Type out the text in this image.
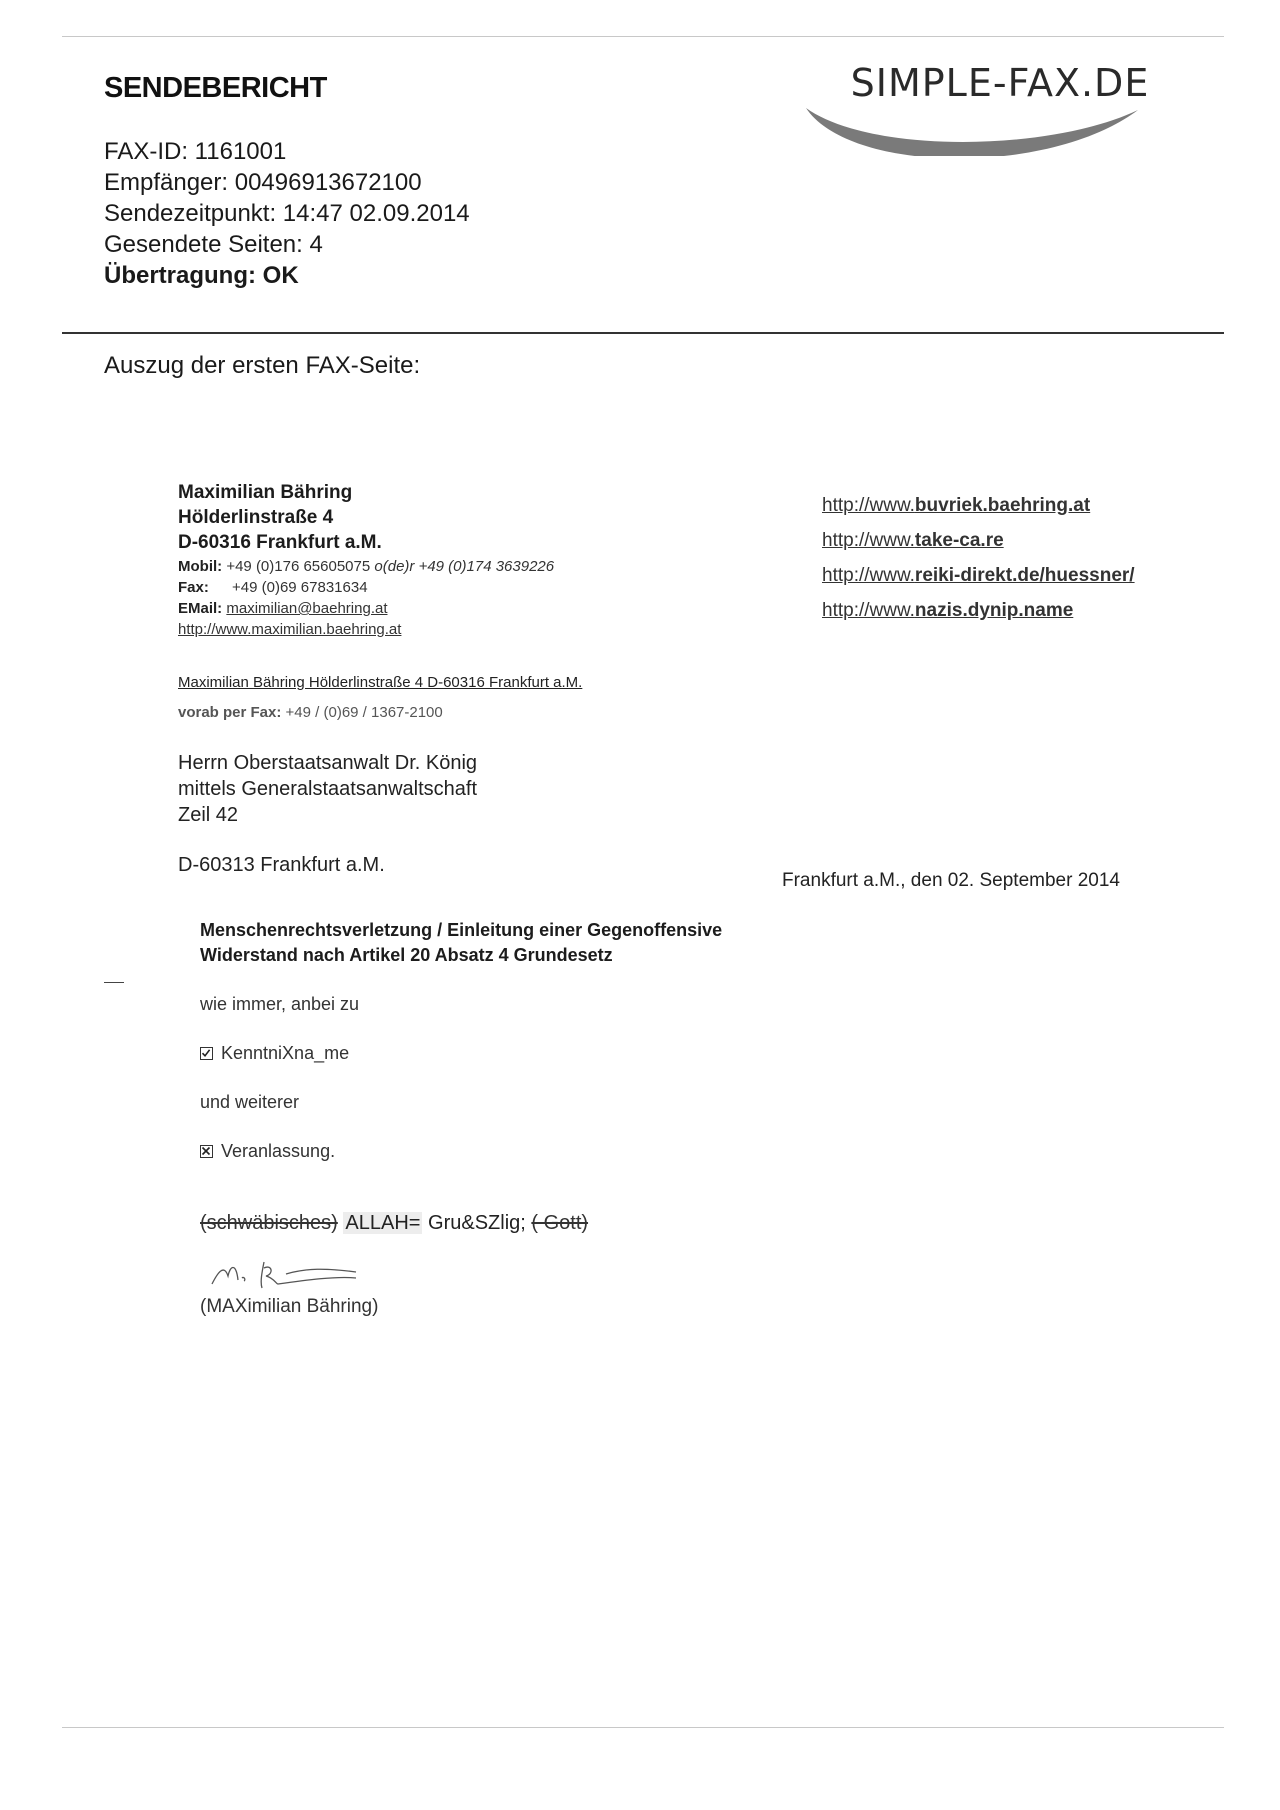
SENDEBERICHT
FAX-ID: 1161001
Empfänger: 00496913672100
Sendezeitpunkt: 14:47 02.09.2014
Gesendete Seiten: 4
Übertragung: OK
SIMPLE-FAX.DE
Auszug der ersten FAX-Seite:
Maximilian Bähring
Hölderlinstraße 4
D-60316 Frankfurt a.M.
Mobil: +49 (0)176 65605075 o(de)r +49 (0)174 3639226
Fax: +49 (0)69 67831634
EMail: maximilian@baehring.at
http://www.maximilian.baehring.at
http://www.buvriek.baehring.at
http://www.take-ca.re
http://www.reiki-direkt.de/huessner/
http://www.nazis.dynip.name
Maximilian Bähring Hölderlinstraße 4 D-60316 Frankfurt a.M.
vorab per Fax: +49 / (0)69 / 1367-2100
Herrn Oberstaatsanwalt Dr. König
mittels Generalstaatsanwaltschaft
Zeil 42
D-60313 Frankfurt a.M.
Frankfurt a.M., den 02. September 2014
Menschenrechtsverletzung / Einleitung einer Gegenoffensive
Widerstand nach Artikel 20 Absatz 4 Grundesetz
wie immer, anbei zu
KenntniXna_me
und weiterer
Veranlassung.
(schwäbisches) ALLAH= Gru&SZlig; ( Gott)
(MAXimilian Bähring)
